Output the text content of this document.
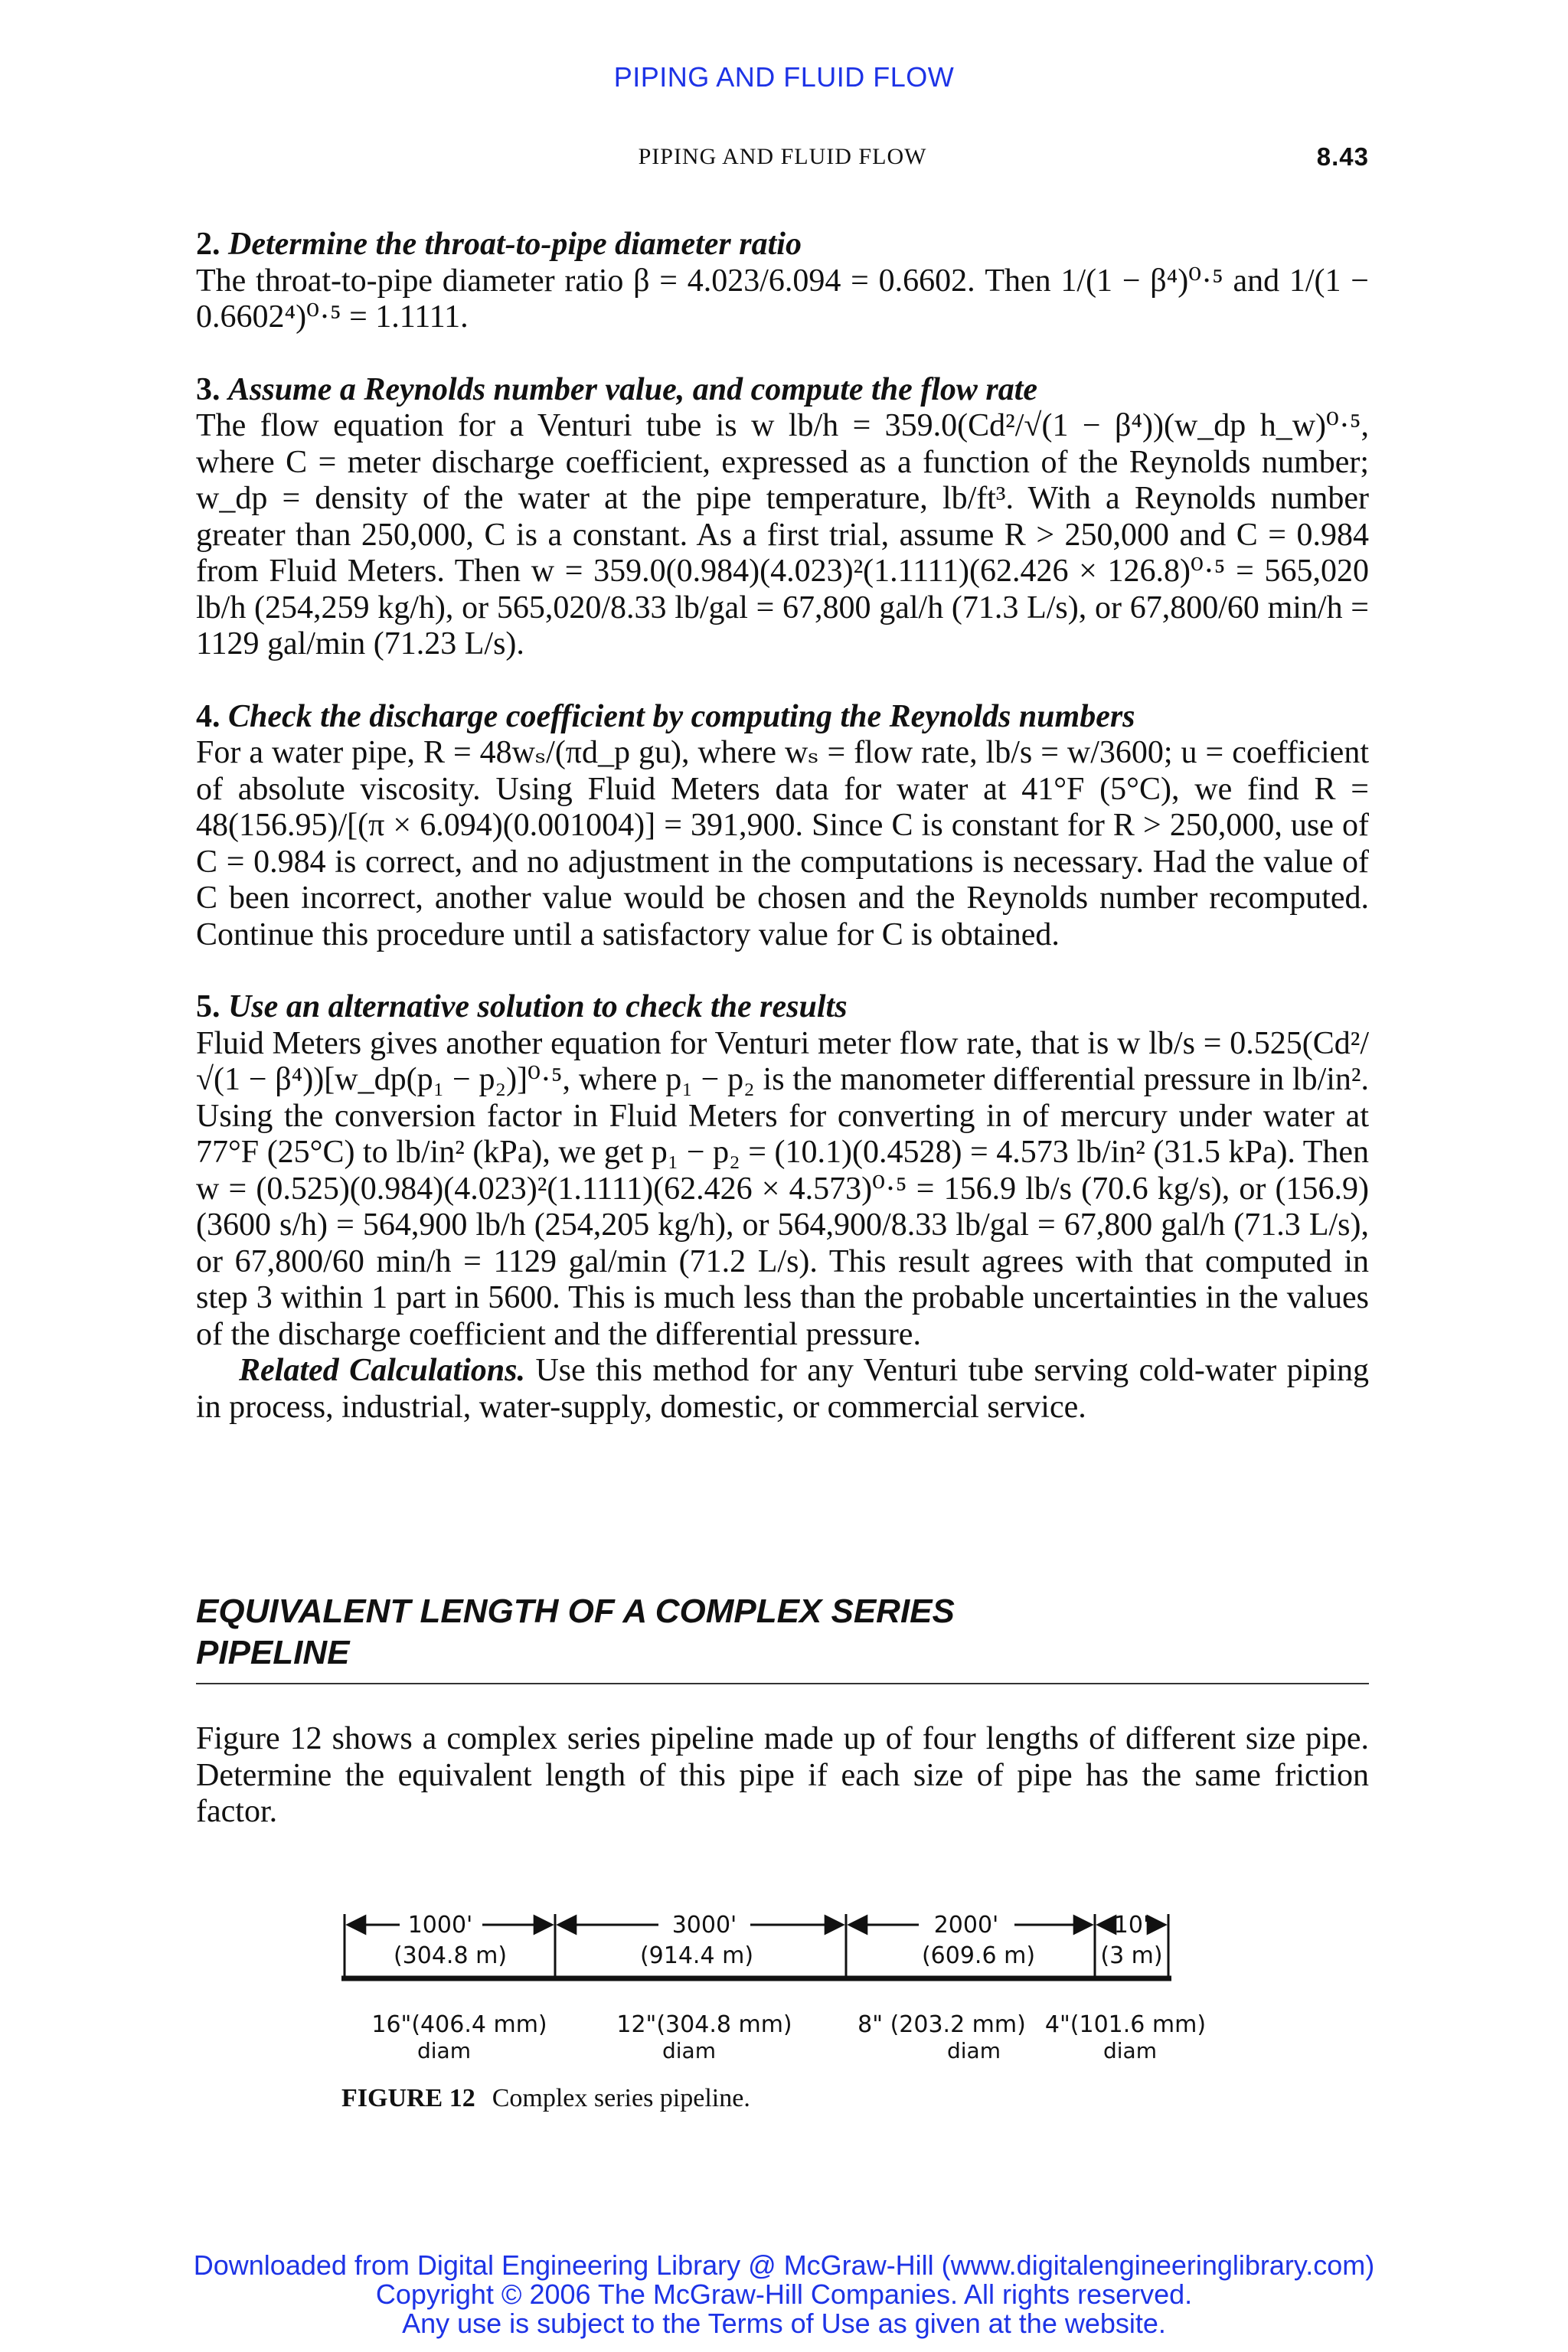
PIPING AND FLUID FLOW
PIPING AND FLUID FLOW	8.43

2. Determine the throat-to-pipe diameter ratio

The throat-to-pipe diameter ratio β = 4.023/6.094 = 0.6602. Then 1/(1 − β⁴)⁰·⁵ and 1/(1 − 0.6602⁴)⁰·⁵ = 1.1111.

3. Assume a Reynolds number value, and compute the flow rate

The flow equation for a Venturi tube is w lb/h = 359.0(Cd²/√(1 − β⁴))(w_dp h_w)⁰·⁵, where C = meter discharge coefficient, expressed as a function of the Reynolds number; w_dp = density of the water at the pipe temperature, lb/ft³. With a Reynolds number greater than 250,000, C is a constant. As a first trial, assume R > 250,000 and C = 0.984 from Fluid Meters. Then w = 359.0(0.984)(4.023)²(1.1111)(62.426 × 126.8)⁰·⁵ = 565,020 lb/h (254,259 kg/h), or 565,020/8.33 lb/gal = 67,800 gal/h (71.3 L/s), or 67,800/60 min/h = 1129 gal/min (71.23 L/s).

4. Check the discharge coefficient by computing the Reynolds numbers

For a water pipe, R = 48wₛ/(πd_p gu), where wₛ = flow rate, lb/s = w/3600; u = coefficient of absolute viscosity. Using Fluid Meters data for water at 41°F (5°C), we find R = 48(156.95)/[(π × 6.094)(0.001004)] = 391,900. Since C is constant for R > 250,000, use of C = 0.984 is correct, and no adjustment in the computations is necessary. Had the value of C been incorrect, another value would be chosen and the Reynolds number recomputed. Continue this procedure until a satisfactory value for C is obtained.

5. Use an alternative solution to check the results

Fluid Meters gives another equation for Venturi meter flow rate, that is w lb/s = 0.525(Cd²/√(1 − β⁴))[w_dp(p₁ − p₂)]⁰·⁵, where p₁ − p₂ is the manometer differential pressure in lb/in². Using the conversion factor in Fluid Meters for converting in of mercury under water at 77°F (25°C) to lb/in² (kPa), we get p₁ − p₂ = (10.1)(0.4528) = 4.573 lb/in² (31.5 kPa). Then w = (0.525)(0.984)(4.023)²(1.1111)(62.426 × 4.573)⁰·⁵ = 156.9 lb/s (70.6 kg/s), or (156.9)(3600 s/h) = 564,900 lb/h (254,205 kg/h), or 564,900/8.33 lb/gal = 67,800 gal/h (71.3 L/s), or 67,800/60 min/h = 1129 gal/min (71.2 L/s). This result agrees with that computed in step 3 within 1 part in 5600. This is much less than the probable uncertainties in the values of the discharge coefficient and the differential pressure.

Related Calculations. Use this method for any Venturi tube serving cold-water piping in process, industrial, water-supply, domestic, or commercial service.

EQUIVALENT LENGTH OF A COMPLEX SERIES PIPELINE

Figure 12 shows a complex series pipeline made up of four lengths of different size pipe. Determine the equivalent length of this pipe if each size of pipe has the same friction factor.

1000'
(304.8 m)
3000'
(914.4 m)
2000'
(609.6 m)
10'
(3 m)
16"(406.4 mm)
diam
12"(304.8 mm)
diam
8" (203.2 mm)
diam
4"(101.6 mm)
diam
FIGURE 12 Complex series pipeline.
Downloaded from Digital Engineering Library @ McGraw-Hill (www.digitalengineeringlibrary.com)
Copyright © 2006 The McGraw-Hill Companies. All rights reserved.
Any use is subject to the Terms of Use as given at the website.
